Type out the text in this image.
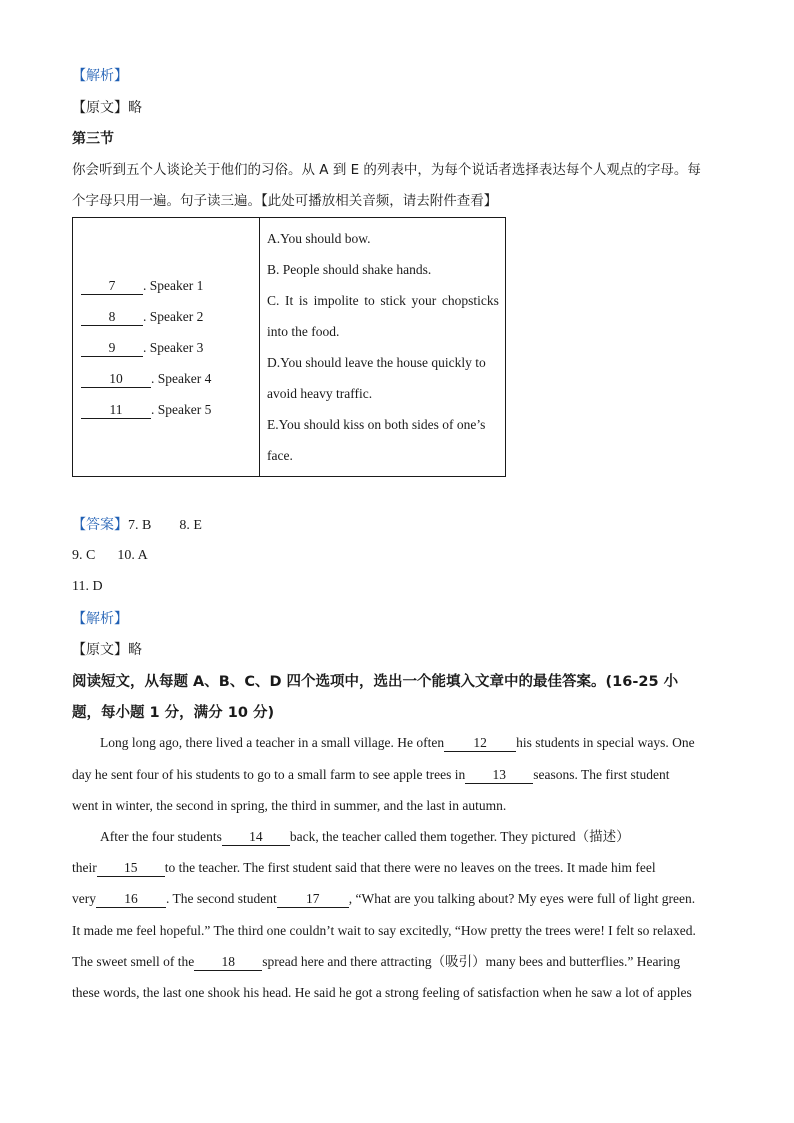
【解析】
【原文】略
第三节
你会听到五个人谈论关于他们的习俗。从 A 到 E 的列表中，为每个说话者选择表达每个人观点的字母。每
个字母只用一遍。句子读三遍。【此处可播放相关音频，请去附件查看】
7 . Speaker 1
8 . Speaker 2
9 . Speaker 3
10 . Speaker 4
11 . Speaker 5

A.You should bow.
B. People should shake hands.
C. It is impolite to stick your chopsticks
into the food.
D.You should leave the house quickly to
avoid heavy traffic.
E.You should kiss on both sides of one’s
face.
【答案】7. B 8. E
9. C 10. A
11. D
【解析】
【原文】略
阅读短文，从每题 A、B、C、D 四个选项中，选出一个能填入文章中的最佳答案。(16-25 小
题，每小题 1 分，满分 10 分)
Long long ago, there lived a teacher in a small village. He often 12 his students in special ways. One
day he sent four of his students to go to a small farm to see apple trees in 13 seasons. The first student
went in winter, the second in spring, the third in summer, and the last in autumn.
After the four students 14 back, the teacher called them together. They pictured（描述）
their 15 to the teacher. The first student said that there were no leaves on the trees. It made him feel
very 16 . The second student 17 , “What are you talking about? My eyes were full of light green.
It made me feel hopeful.” The third one couldn’t wait to say excitedly, “How pretty the trees were! I felt so relaxed.
The sweet smell of the 18 spread here and there attracting（吸引）many bees and butterflies.” Hearing
these words, the last one shook his head. He said he got a strong feeling of satisfaction when he saw a lot of apples
